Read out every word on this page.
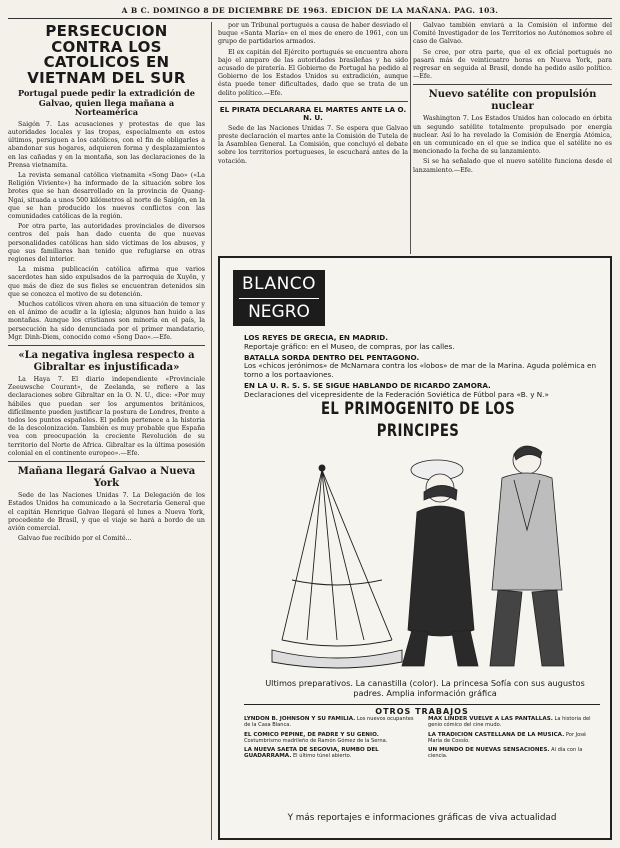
A B C. DOMINGO 8 DE DICIEMBRE DE 1963. EDICION DE LA MAÑANA. PAG. 103.
PERSECUCION CONTRA LOS CATOLICOS EN VIETNAM DEL SUR
Portugal puede pedir la extradición de Galvao, quien llega mañana a Norteamérica

Saigón 7. Las acusaciones y protestas de que las autoridades locales y las tropas, especialmente en estos últimos, persiguen a los católicos, con el fin de obligarles a abandonar sus hogares, adquieren forma y desplazamientos en las cañadas y en la montaña, son las declaraciones de la Prensa vietnamita.

La revista semanal católica vietnamita «Song Dao» («La Religión Viviente») ha informado de la situación sobre los brotes que se han desarrollado en la provincia de Quang-Ngai, situada a unos 500 kilómetros al norte de Saigón, en la que se han producido los nuevos conflictos con las comunidades católicas de la región.

Por otra parte, las autoridades provinciales de diversos centros del país han dado cuenta de que nuevas personalidades católicas han sido víctimas de los abusos, y que sus familiares han tenido que refugiarse en otras regiones del interior.

La misma publicación católica afirma que varios sacerdotes han sido expulsados de la parroquia de Xuyên, y que más de diez de sus fieles se encuentran detenidos sin que se conozca el motivo de su detención.

Muchos católicos viven ahora en una situación de temor y en el ánimo de acudir a la iglesia; algunos han huido a las montañas. Aunque los cristianos son minoría en el país, la persecución ha sido denunciada por el primer mandatario, Mgr. Dinh-Diem, conocido como «Song Dao».—Efe.

«La negativa inglesa respecto a Gibraltar es injustificada»

La Haya 7. El diario independiente «Provinciale Zeeuwsche Courant», de Zeelanda, se refiere a las declaraciones sobre Gibraltar en la O. N. U., dice: «Por muy hábiles que puedan ser los argumentos británicos, difícilmente pueden justificar la postura de Londres, frente a todos los puntos españoles. El peñón pertenece a la historia de la descolonización. También es muy probable que España vea con preocupación la creciente Revolución de su territorio del Norte de Africa. Gibraltar es la última posesión colonial en el continente europeo».—Efe.

Mañana llegará Galvao a Nueva York

Sede de las Naciones Unidas 7. La Delegación de los Estados Unidos ha comunicado a la Secretaría General que el capitán Henrique Galvao llegará el lunes a Nueva York, procedente de Brasil, y que el viaje se hará a bordo de un avión comercial.

Galvao fue recibido por el Comité...

por un Tribunal portugués a causa de haber desviado el buque «Santa María» en el mes de enero de 1961, con un grupo de partidarios armados.

El ex capitán del Ejército portugués se encuentra ahora bajo el amparo de las autoridades brasileñas y ha sido acusado de piratería. El Gobierno de Portugal ha pedido al Gobierno de los Estados Unidos su extradición, aunque ésta puede tener dificultades, dado que se trata de un delito político.—Efe.

EL PIRATA DECLARARA EL MARTES ANTE LA O. N. U.

Sede de las Naciones Unidas 7. Se espera que Galvao preste declaración el martes ante la Comisión de Tutela de la Asamblea General. La Comisión, que concluyó el debate sobre los territorios portugueses, le escuchará antes de la votación.

Galvao también enviará a la Comisión el informe del Comité Investigador de los Territorios no Autónomos sobre el caso de Galvao.

Se cree, por otra parte, que el ex oficial portugués no pasará más de veinticuatro horas en Nueva York, para regresar en seguida al Brasil, donde ha pedido asilo político.—Efe.

Nuevo satélite con propulsión nuclear

Washington 7. Los Estados Unidos han colocado en órbita un segundo satélite totalmente propulsado por energía nuclear. Así lo ha revelado la Comisión de Energía Atómica, en un comunicado en el que se indica que el satélite no es mencionado la fecha de su lanzamiento.

Si se ha señalado que el nuevo satélite funciona desde el lanzamiento.—Efe.

BLANCO
NEGRO
LOS REYES DE GRECIA, EN MADRID.
Reportaje gráfico: en el Museo, de compras, por las calles.
BATALLA SORDA DENTRO DEL PENTAGONO.
Los «chicos jerónimos» de McNamara contra los «lobos» de mar de la Marina. Aguda polémica en torno a los portaaviones.
EN LA U. R. S. S. SE SIGUE HABLANDO DE RICARDO ZAMORA.
Declaraciones del vicepresidente de la Federación Soviética de Fútbol para «B. y N.»
EL PRIMOGENITO DE LOS PRINCIPES
Ultimos preparativos. La canastilla (color). La princesa Sofía con sus augustos padres. Amplia información gráfica
OTROS TRABAJOS
LYNDON B. JOHNSON Y SU FAMILIA. Los nuevos ocupantes de la Casa Blanca.
EL COMICO PEPINE, DE PADRE Y SU GENIO. Costumbrismo madrileño de Ramón Gómez de la Serna.
LA NUEVA SAETA DE SEGOVIA, RUMBO DEL GUADARRAMA. El último túnel abierto.
MAX LINDER VUELVE A LAS PANTALLAS. La historia del genio cómico del cine mudo.
LA TRADICION CASTELLANA DE LA MUSICA. Por José María de Cossío.
UN MUNDO DE NUEVAS SENSACIONES. Al día con la ciencia.
Y más reportajes e informaciones gráficas de viva actualidad
